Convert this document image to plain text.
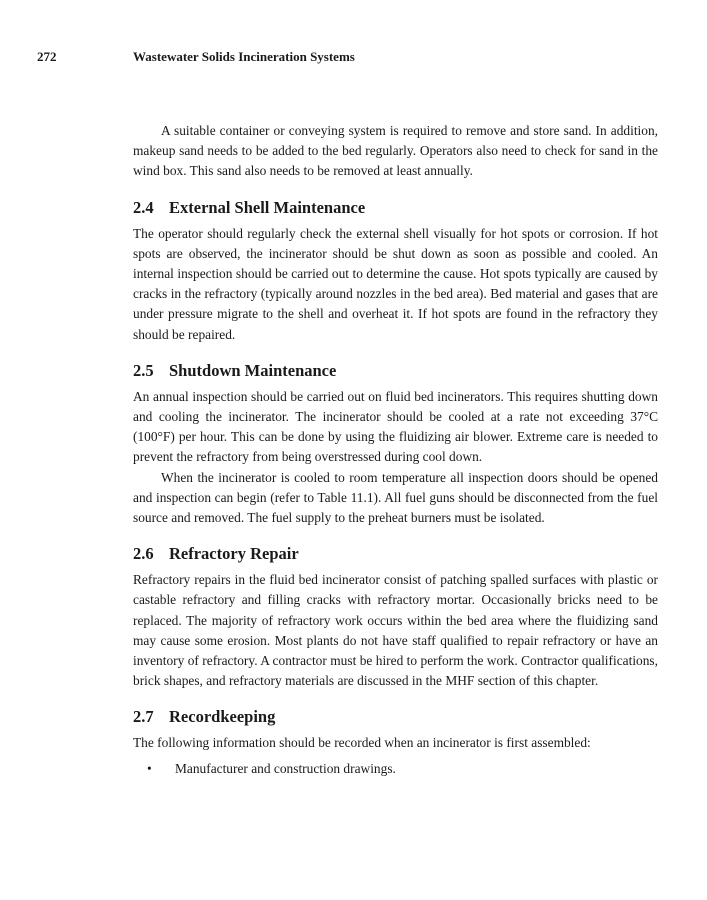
272	Wastewater Solids Incineration Systems

A suitable container or conveying system is required to remove and store sand. In addition, makeup sand needs to be added to the bed regularly. Operators also need to check for sand in the wind box. This sand also needs to be removed at least annually.

2.4 External Shell Maintenance

The operator should regularly check the external shell visually for hot spots or corrosion. If hot spots are observed, the incinerator should be shut down as soon as possible and cooled. An internal inspection should be carried out to determine the cause. Hot spots typically are caused by cracks in the refractory (typically around nozzles in the bed area). Bed material and gases that are under pressure migrate to the shell and overheat it. If hot spots are found in the refractory they should be repaired.

2.5 Shutdown Maintenance

An annual inspection should be carried out on fluid bed incinerators. This requires shutting down and cooling the incinerator. The incinerator should be cooled at a rate not exceeding 37°C (100°F) per hour. This can be done by using the fluidizing air blower. Extreme care is needed to prevent the refractory from being overstressed during cool down.

When the incinerator is cooled to room temperature all inspection doors should be opened and inspection can begin (refer to Table 11.1). All fuel guns should be disconnected from the fuel source and removed. The fuel supply to the preheat burners must be isolated.

2.6 Refractory Repair

Refractory repairs in the fluid bed incinerator consist of patching spalled surfaces with plastic or castable refractory and filling cracks with refractory mortar. Occasionally bricks need to be replaced. The majority of refractory work occurs within the bed area where the fluidizing sand may cause some erosion. Most plants do not have staff qualified to repair refractory or have an inventory of refractory. A contractor must be hired to perform the work. Contractor qualifications, brick shapes, and refractory materials are discussed in the MHF section of this chapter.

2.7 Recordkeeping

The following information should be recorded when an incinerator is first assembled:

• Manufacturer and construction drawings.
